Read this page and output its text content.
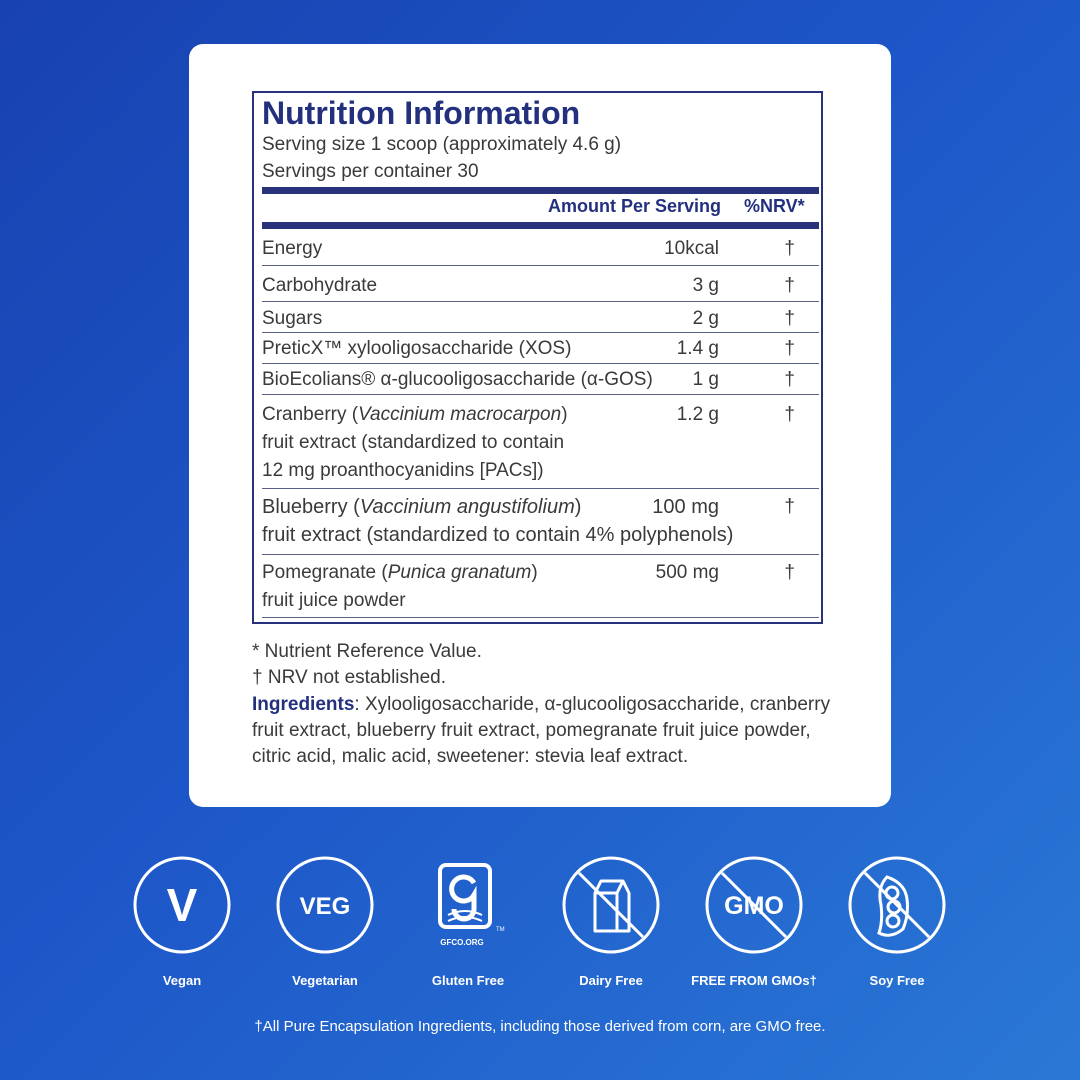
Nutrition Information
Serving size 1 scoop (approximately 4.6 g)
Servings per container 30
Amount Per Serving %NRV*
Energy	10kcal	†
Carbohydrate	3 g	†
Sugars	2 g	†
PreticX™ xylooligosaccharide (XOS)	1.4 g	†
BioEcolians® α-glucooligosaccharide (α-GOS) 1 g	†
Cranberry (Vaccinium macrocarpon)
fruit extract (standardized to contain
12 mg proanthocyanidins [PACs])
1.2 g	†
Blueberry (Vaccinium angustifolium)
fruit extract (standardized to contain 4% polyphenols)
100 mg	†
Pomegranate (Punica granatum)
fruit juice powder
500 mg	†
* Nutrient Reference Value.
† NRV not established.
Ingredients: Xylooligosaccharide, α-glucooligosaccharide, cranberry fruit extract, blueberry fruit extract, pomegranate fruit juice powder, citric acid, malic acid, sweetener: stevia leaf extract.
V
Vegan
VEG
Vegetarian
GFCO.ORG
TM
Gluten Free	Dairy Free
GMO
FREE FROM GMOs†	Soy Free
†All Pure Encapsulation Ingredients, including those derived from corn, are GMO free.
